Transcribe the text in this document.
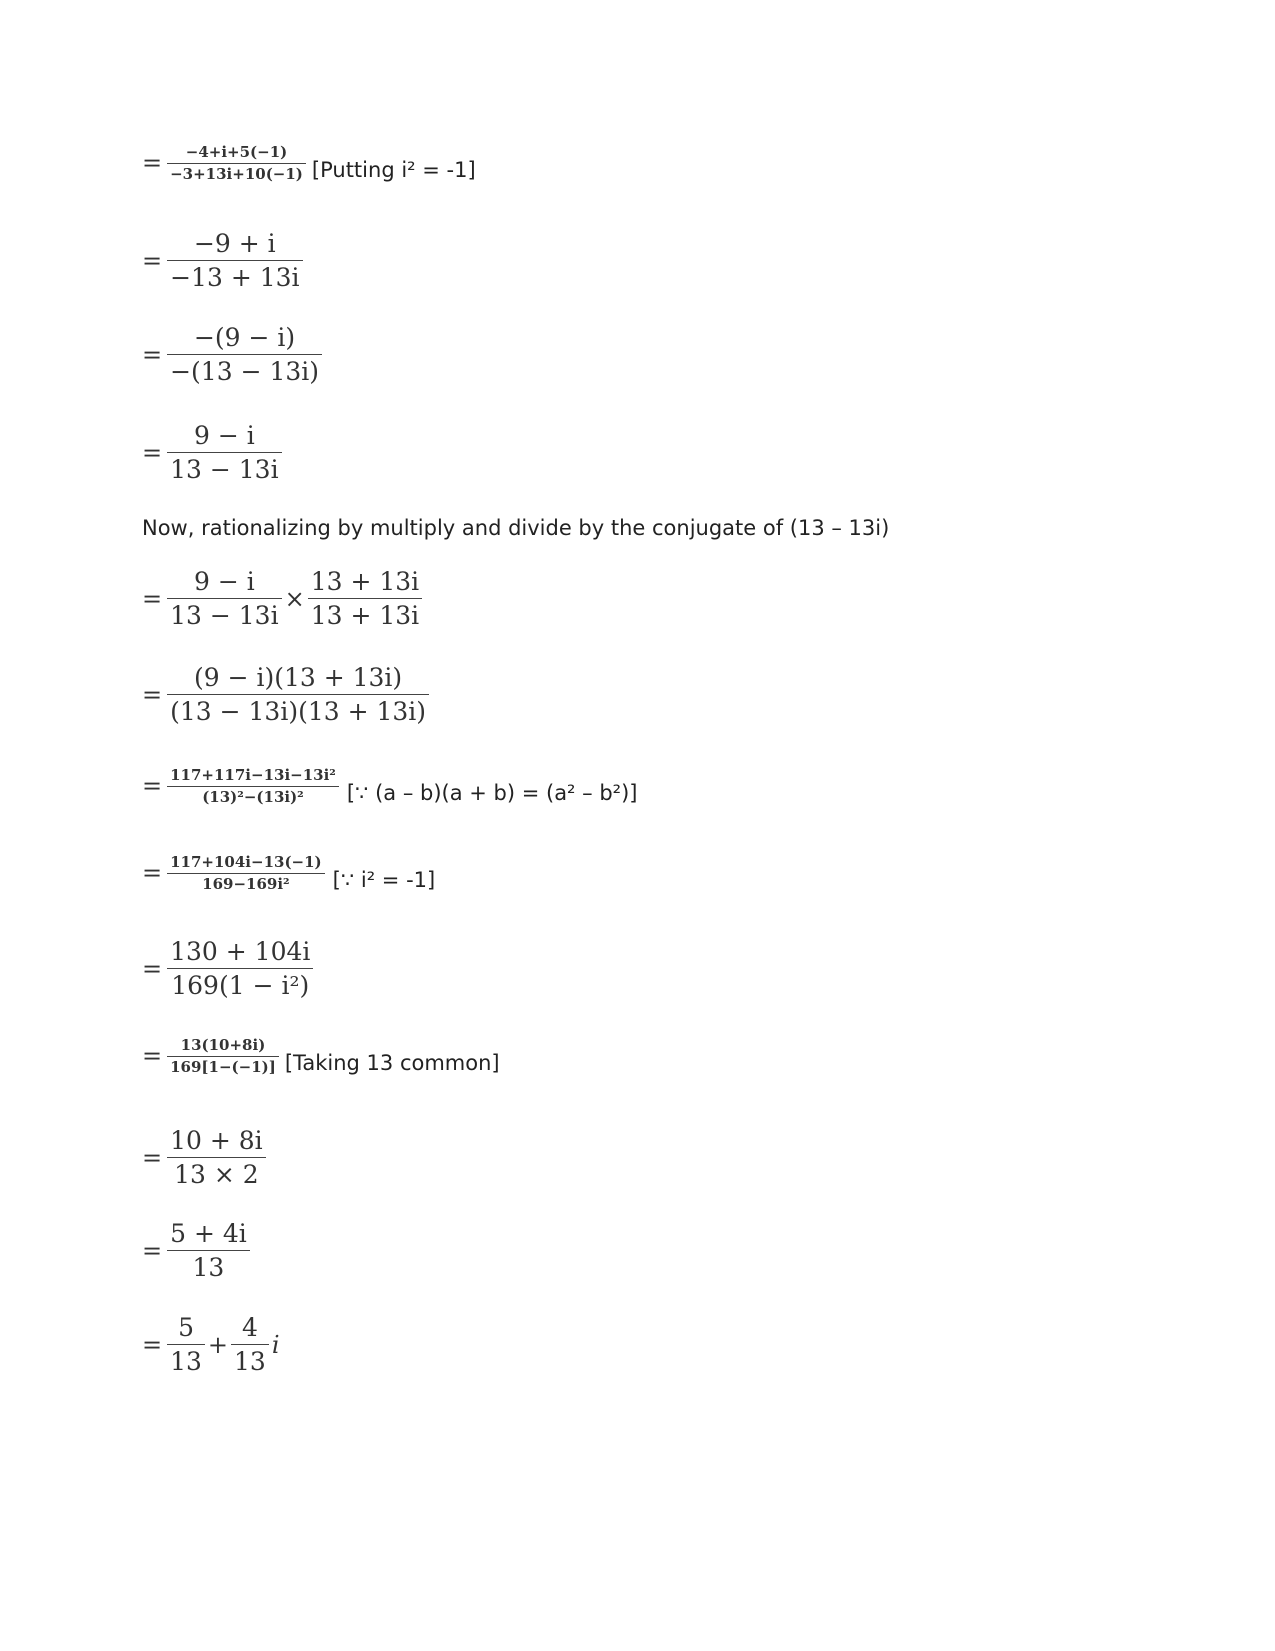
= $\frac{-4+i+5(-1)}{-3+13i+10(-1)}$ [Putting i² = -1]
= $\frac{-9 + i}{-13 + 13i}$
= $\frac{-(9 - i)}{-(13 - 13i)}$
= $\frac{9 - i}{13 - 13i}$
Now, rationalizing by multiply and divide by the conjugate of (13 – 13i)
= $\frac{9 - i}{13 - 13i} \times \frac{13 + 13i}{13 + 13i}$
= $\frac{(9 - i)(13 + 13i)}{(13 - 13i)(13 + 13i)}$
= $\frac{\text{117+117i−13i−13i²}}{\text{(13)²−(13i)²}}$ [∵ (a – b)(a + b) = (a² – b²)]
= $\frac{117+104i-13(-1)}{\text{169−169i²}}$ [∵ i² = -1]
= $\frac{130 + 104i}{\text{169(1 − i²)}}$
= $\frac{13(10+8i)}{169[1-(-1)]}$ [Taking 13 common]
= $\frac{10 + 8i}{13 \times 2}$
= $\frac{5 + 4i}{13}$
= $\frac{5}{13} + \frac{4}{13}$ i
